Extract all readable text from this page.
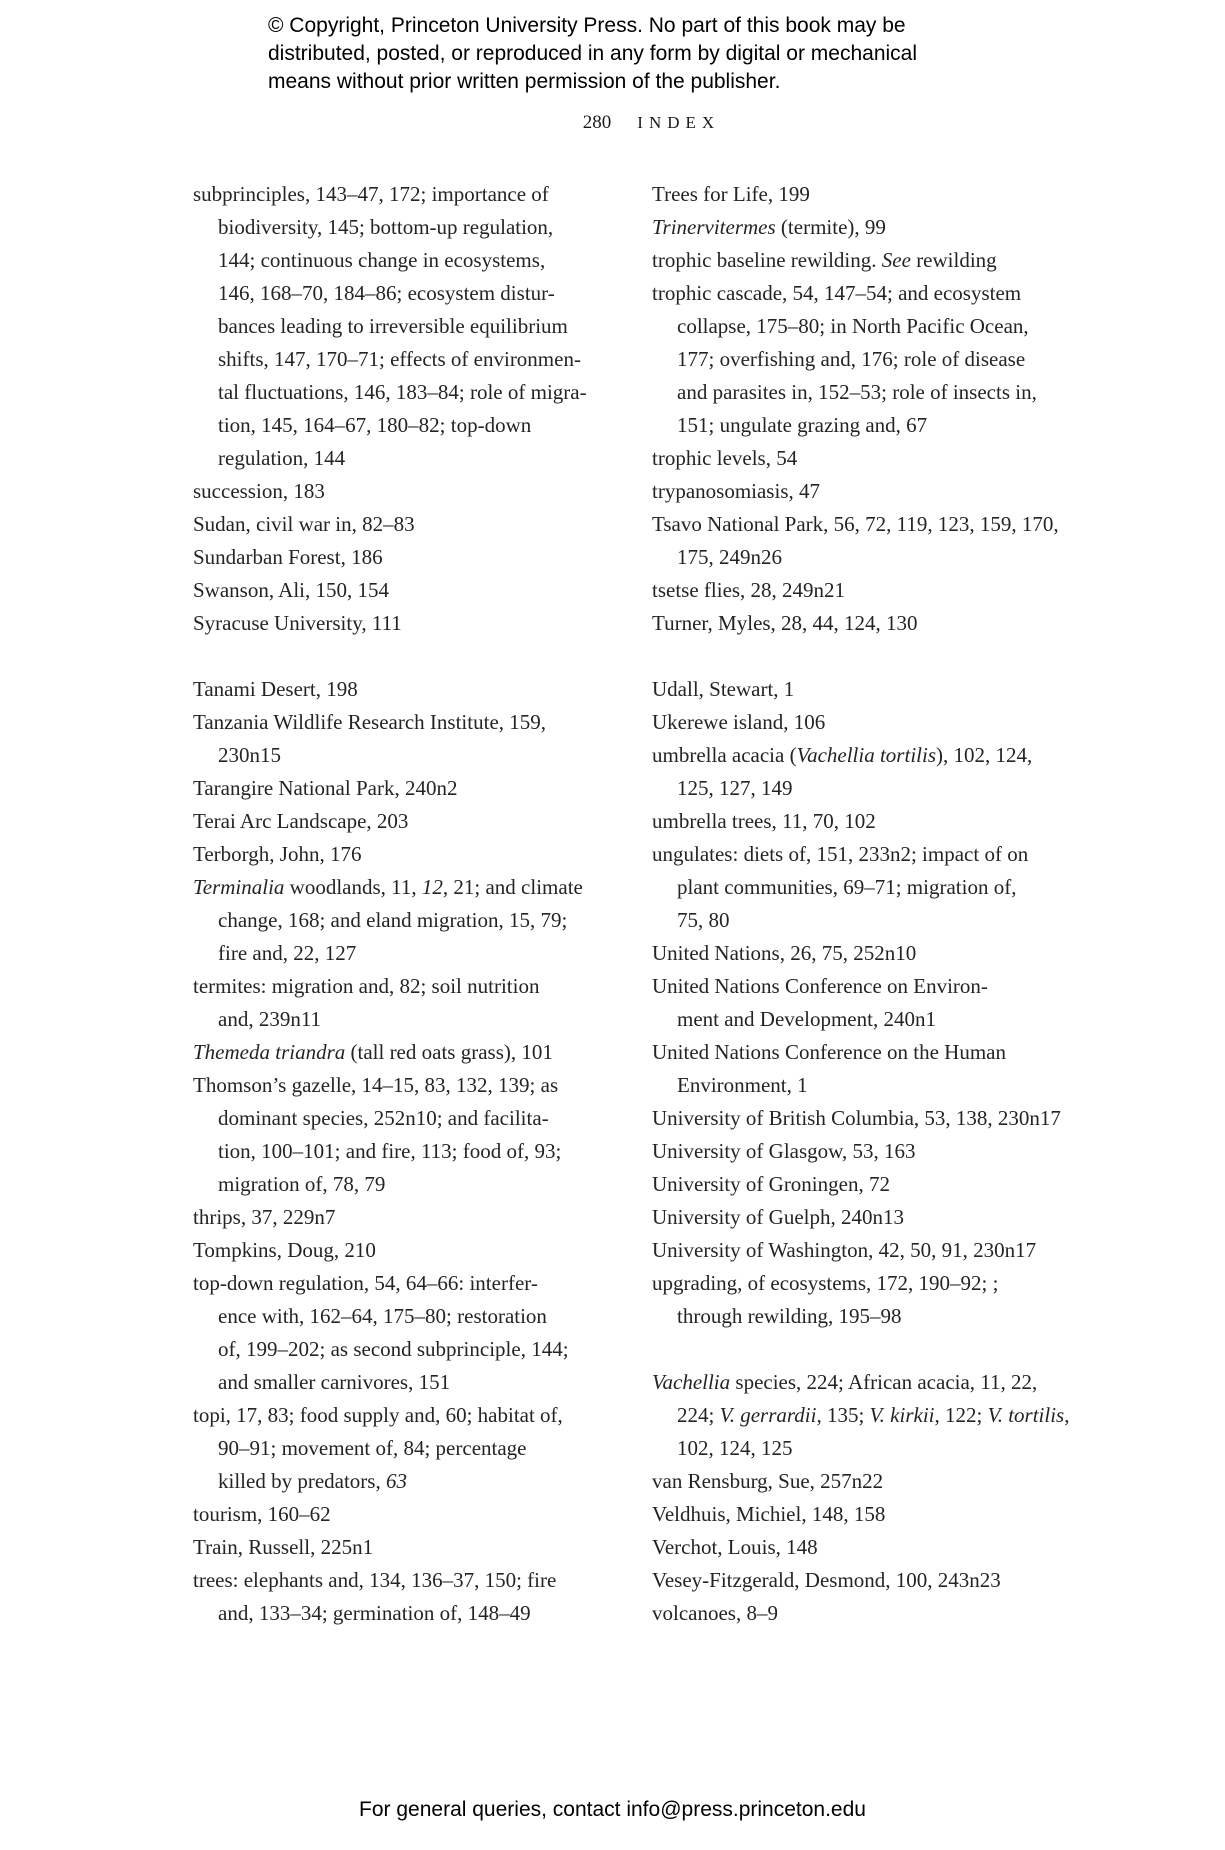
© Copyright, Princeton University Press. No part of this book may be
distributed, posted, or reproduced in any form by digital or mechanical
means without prior written permission of the publisher.
280 INDEX
subprinciples, 143–47, 172; importance of
biodiversity, 145; bottom-up regulation,
144; continuous change in ecosystems,
146, 168–70, 184–86; ecosystem distur-
bances leading to irreversible equilibrium
shifts, 147, 170–71; effects of environmen-
tal fluctuations, 146, 183–84; role of migra-
tion, 145, 164–67, 180–82; top-down
regulation, 144
succession, 183
Sudan, civil war in, 82–83
Sundarban Forest, 186
Swanson, Ali, 150, 154
Syracuse University, 111
Tanami Desert, 198
Tanzania Wildlife Research Institute, 159,
230n15
Tarangire National Park, 240n2
Terai Arc Landscape, 203
Terborgh, John, 176
Terminalia woodlands, 11, 12, 21; and climate
change, 168; and eland migration, 15, 79;
fire and, 22, 127
termites: migration and, 82; soil nutrition
and, 239n11
Themeda triandra (tall red oats grass), 101
Thomson’s gazelle, 14–15, 83, 132, 139; as
dominant species, 252n10; and facilita-
tion, 100–101; and fire, 113; food of, 93;
migration of, 78, 79
thrips, 37, 229n7
Tompkins, Doug, 210
top-down regulation, 54, 64–66: interfer-
ence with, 162–64, 175–80; restoration
of, 199–202; as second subprinciple, 144;
and smaller carnivores, 151
topi, 17, 83; food supply and, 60; habitat of,
90–91; movement of, 84; percentage
killed by predators, 63
tourism, 160–62
Train, Russell, 225n1
trees: elephants and, 134, 136–37, 150; fire
and, 133–34; germination of, 148–49
Trees for Life, 199
Trinervitermes (termite), 99
trophic baseline rewilding. See rewilding
trophic cascade, 54, 147–54; and ecosystem
collapse, 175–80; in North Pacific Ocean,
177; overfishing and, 176; role of disease
and parasites in, 152–53; role of insects in,
151; ungulate grazing and, 67
trophic levels, 54
trypanosomiasis, 47
Tsavo National Park, 56, 72, 119, 123, 159, 170,
175, 249n26
tsetse flies, 28, 249n21
Turner, Myles, 28, 44, 124, 130
Udall, Stewart, 1
Ukerewe island, 106
umbrella acacia (Vachellia tortilis), 102, 124,
125, 127, 149
umbrella trees, 11, 70, 102
ungulates: diets of, 151, 233n2; impact of on
plant communities, 69–71; migration of,
75, 80
United Nations, 26, 75, 252n10
United Nations Conference on Environ-
ment and Development, 240n1
United Nations Conference on the Human
Environment, 1
University of British Columbia, 53, 138, 230n17
University of Glasgow, 53, 163
University of Groningen, 72
University of Guelph, 240n13
University of Washington, 42, 50, 91, 230n17
upgrading, of ecosystems, 172, 190–92; ;
through rewilding, 195–98
Vachellia species, 224; African acacia, 11, 22,
224; V. gerrardii, 135; V. kirkii, 122; V. tortilis,
102, 124, 125
van Rensburg, Sue, 257n22
Veldhuis, Michiel, 148, 158
Verchot, Louis, 148
Vesey-Fitzgerald, Desmond, 100, 243n23
volcanoes, 8–9
For general queries, contact info@press.princeton.edu
